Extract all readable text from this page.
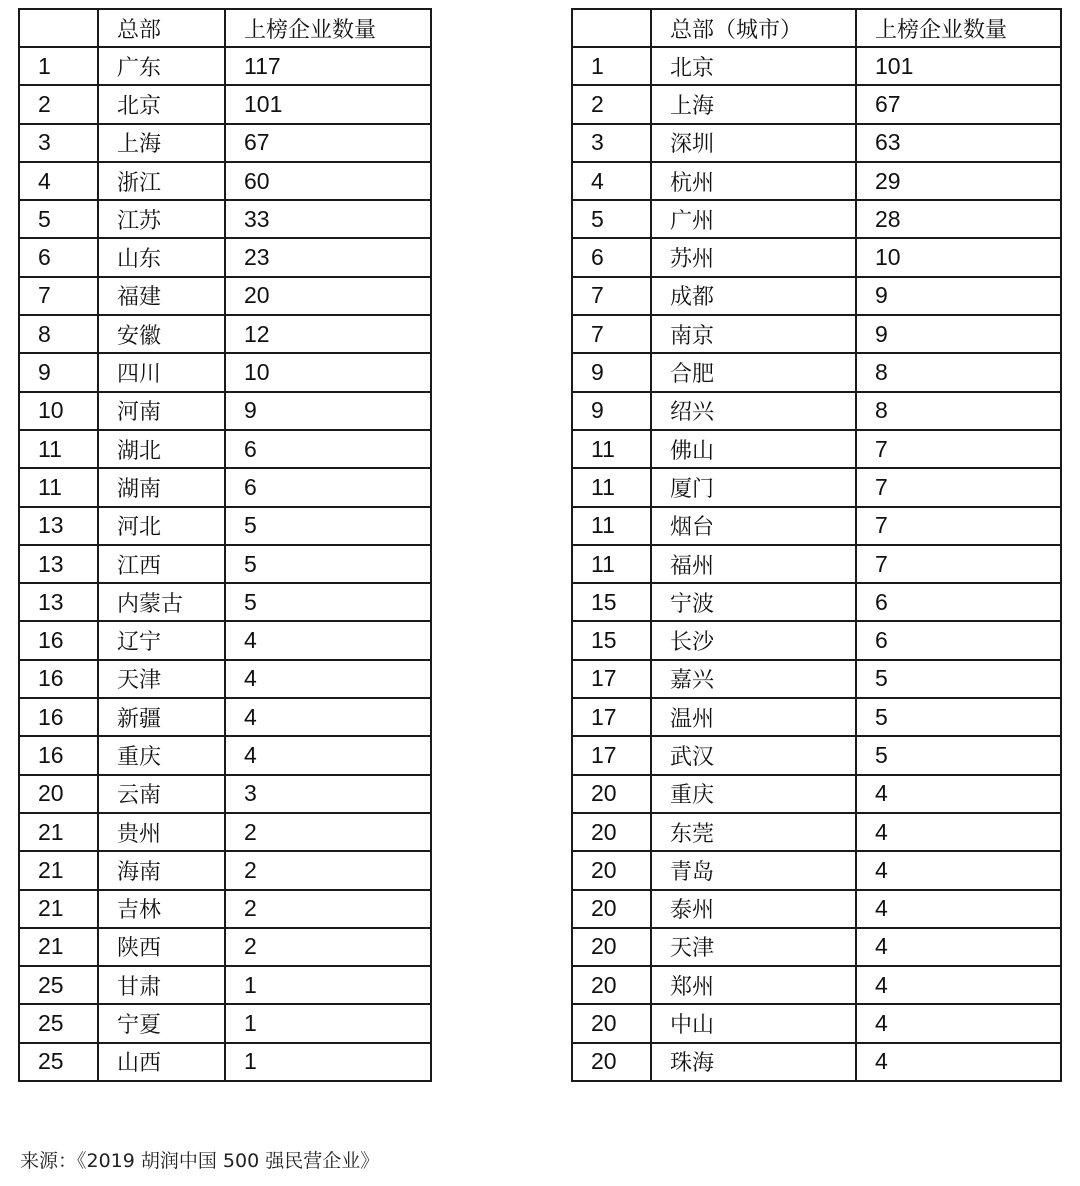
	总部	上榜企业数量
1	广东	117
2	北京	101
3	上海	67
4	浙江	60
5	江苏	33
6	山东	23
7	福建	20
8	安徽	12
9	四川	10
10	河南	9
11	湖北	6
11	湖南	6
13	河北	5
13	江西	5
13	内蒙古	5
16	辽宁	4
16	天津	4
16	新疆	4
16	重庆	4
20	云南	3
21	贵州	2
21	海南	2
21	吉林	2
21	陕西	2
25	甘肃	1
25	宁夏	1
25	山西	1
	总部（城市）	上榜企业数量
1	北京	101
2	上海	67
3	深圳	63
4	杭州	29
5	广州	28
6	苏州	10
7	成都	9
7	南京	9
9	合肥	8
9	绍兴	8
11	佛山	7
11	厦门	7
11	烟台	7
11	福州	7
15	宁波	6
15	长沙	6
17	嘉兴	5
17	温州	5
17	武汉	5
20	重庆	4
20	东莞	4
20	青岛	4
20	泰州	4
20	天津	4
20	郑州	4
20	中山	4
20	珠海	4
来源：《2019 胡润中国 500 强民营企业》
